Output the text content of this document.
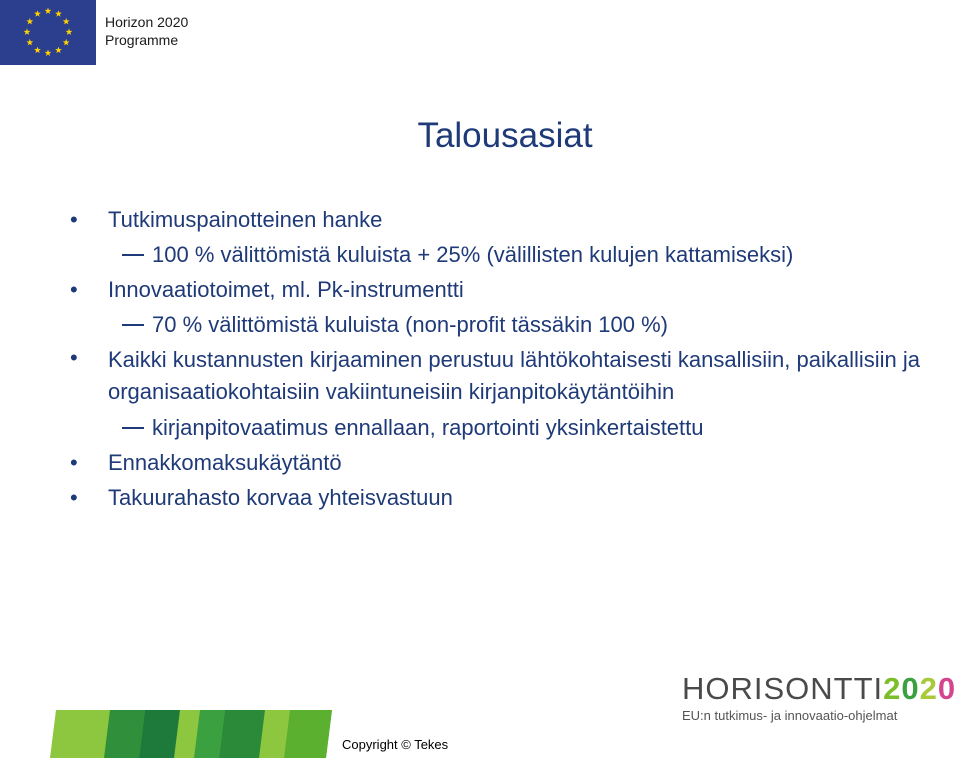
Horizon 2020
Programme
Talousasiat
• Tutkimuspainotteinen hanke
100 % välittömistä kuluista + 25% (välillisten kulujen kattamiseksi)
• Innovaatiotoimet, ml. Pk-instrumentti
70 % välittömistä kuluista (non-profit tässäkin 100 %)
• Kaikki kustannusten kirjaaminen perustuu lähtökohtaisesti kansallisiin, paikallisiin ja organisaatiokohtaisiin vakiintuneisiin kirjanpitokäytäntöihin
kirjanpitovaatimus ennallaan, raportointi yksinkertaistettu
• Ennakkomaksukäytäntö
• Takuurahasto korvaa yhteisvastuun
Copyright © Tekes
HORISONTTI2020
EU:n tutkimus- ja innovaatio-ohjelmat
